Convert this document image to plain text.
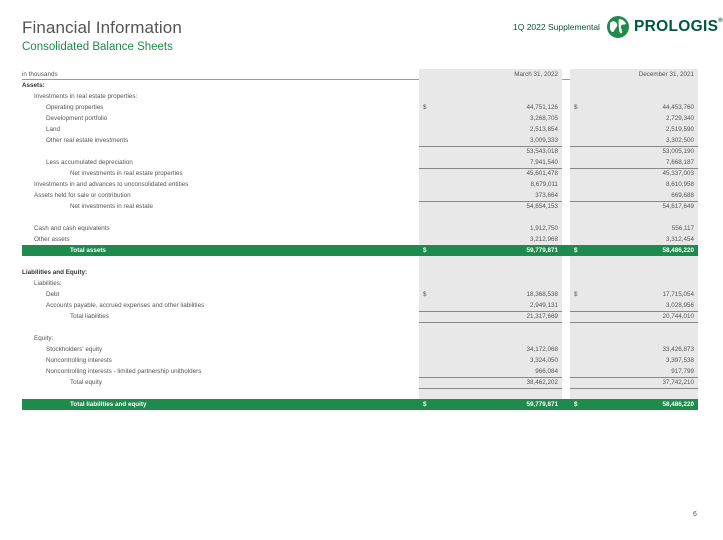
Financial Information
Consolidated Balance Sheets
1Q 2022 Supplemental PROLOGIS®
in thousands	March 31, 2022	December 31, 2021
Assets:
Investments in real estate properties:
Operating properties	$	44,751,126	$	44,453,760
Development portfolio	3,268,705	2,729,340
Land	2,513,854	2,519,590
Other real estate investments	3,009,333	3,302,500
53,543,018	53,005,190
Less accumulated depreciation	7,941,540	7,668,187
Net investments in real estate properties	45,601,478	45,337,003
Investments in and advances to unconsolidated entities	8,679,011	8,610,958
Assets held for sale or contribution	373,664	669,688
Net investments in real estate	54,654,153	54,617,649
Cash and cash equivalents	1,912,750	556,117
Other assets	3,212,968	3,312,454
Total assets	$	59,779,871	$	58,486,220
Liabilities and Equity:
Liabilities:
Debt	$	18,368,538	$	17,715,054
Accounts payable, accrued expenses and other liabilities	2,949,131	3,028,956
Total liabilities	21,317,669	20,744,010
Equity:
Stockholders' equity	34,172,068	33,426,873
Noncontrolling interests	3,324,050	3,397,538
Noncontrolling interests - limited partnership unitholders	966,084	917,799
Total equity	38,462,202	37,742,210
Total liabilities and equity	$	59,779,871	$	58,486,220
6
